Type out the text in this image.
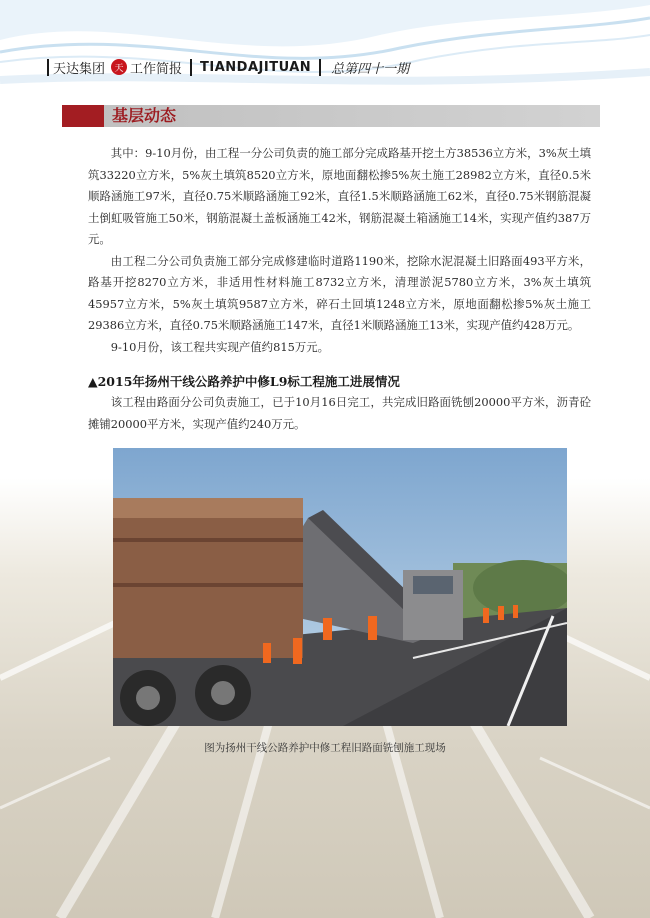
天达集团	天 工作简报 TIANDAJITUAN 总第四十一期
基层动态

其中：9-10月份，由工程一分公司负责的施工部分完成路基开挖土方38536立方米，3%灰土填筑33220立方米，5%灰土填筑8520立方米，原地面翻松掺5%灰土施工28982立方米，直径0.5米顺路涵施工97米，直径0.75米顺路涵施工92米，直径1.5米顺路涵施工62米，直径0.75米钢筋混凝土倒虹吸管施工50米，钢筋混凝土盖板涵施工42米，钢筋混凝土箱涵施工14米，实现产值约387万元。

由工程二分公司负责施工部分完成修建临时道路1190米，挖除水泥混凝土旧路面493平方米，路基开挖8270立方米，非适用性材料施工8732立方米，清理淤泥5780立方米，3%灰土填筑45957立方米，5%灰土填筑9587立方米，碎石土回填1248立方米，原地面翻松掺5%灰土施工29386立方米，直径0.75米顺路涵施工147米，直径1米顺路涵施工13米，实现产值约428万元。

9-10月份，该工程共实现产值约815万元。

▲2015年扬州干线公路养护中修L9标工程施工进展情况

该工程由路面分公司负责施工，已于10月16日完工，共完成旧路面铣刨20000平方米，沥青砼摊铺20000平方米，实现产值约240万元。

图为扬州干线公路养护中修工程旧路面铣刨施工现场
